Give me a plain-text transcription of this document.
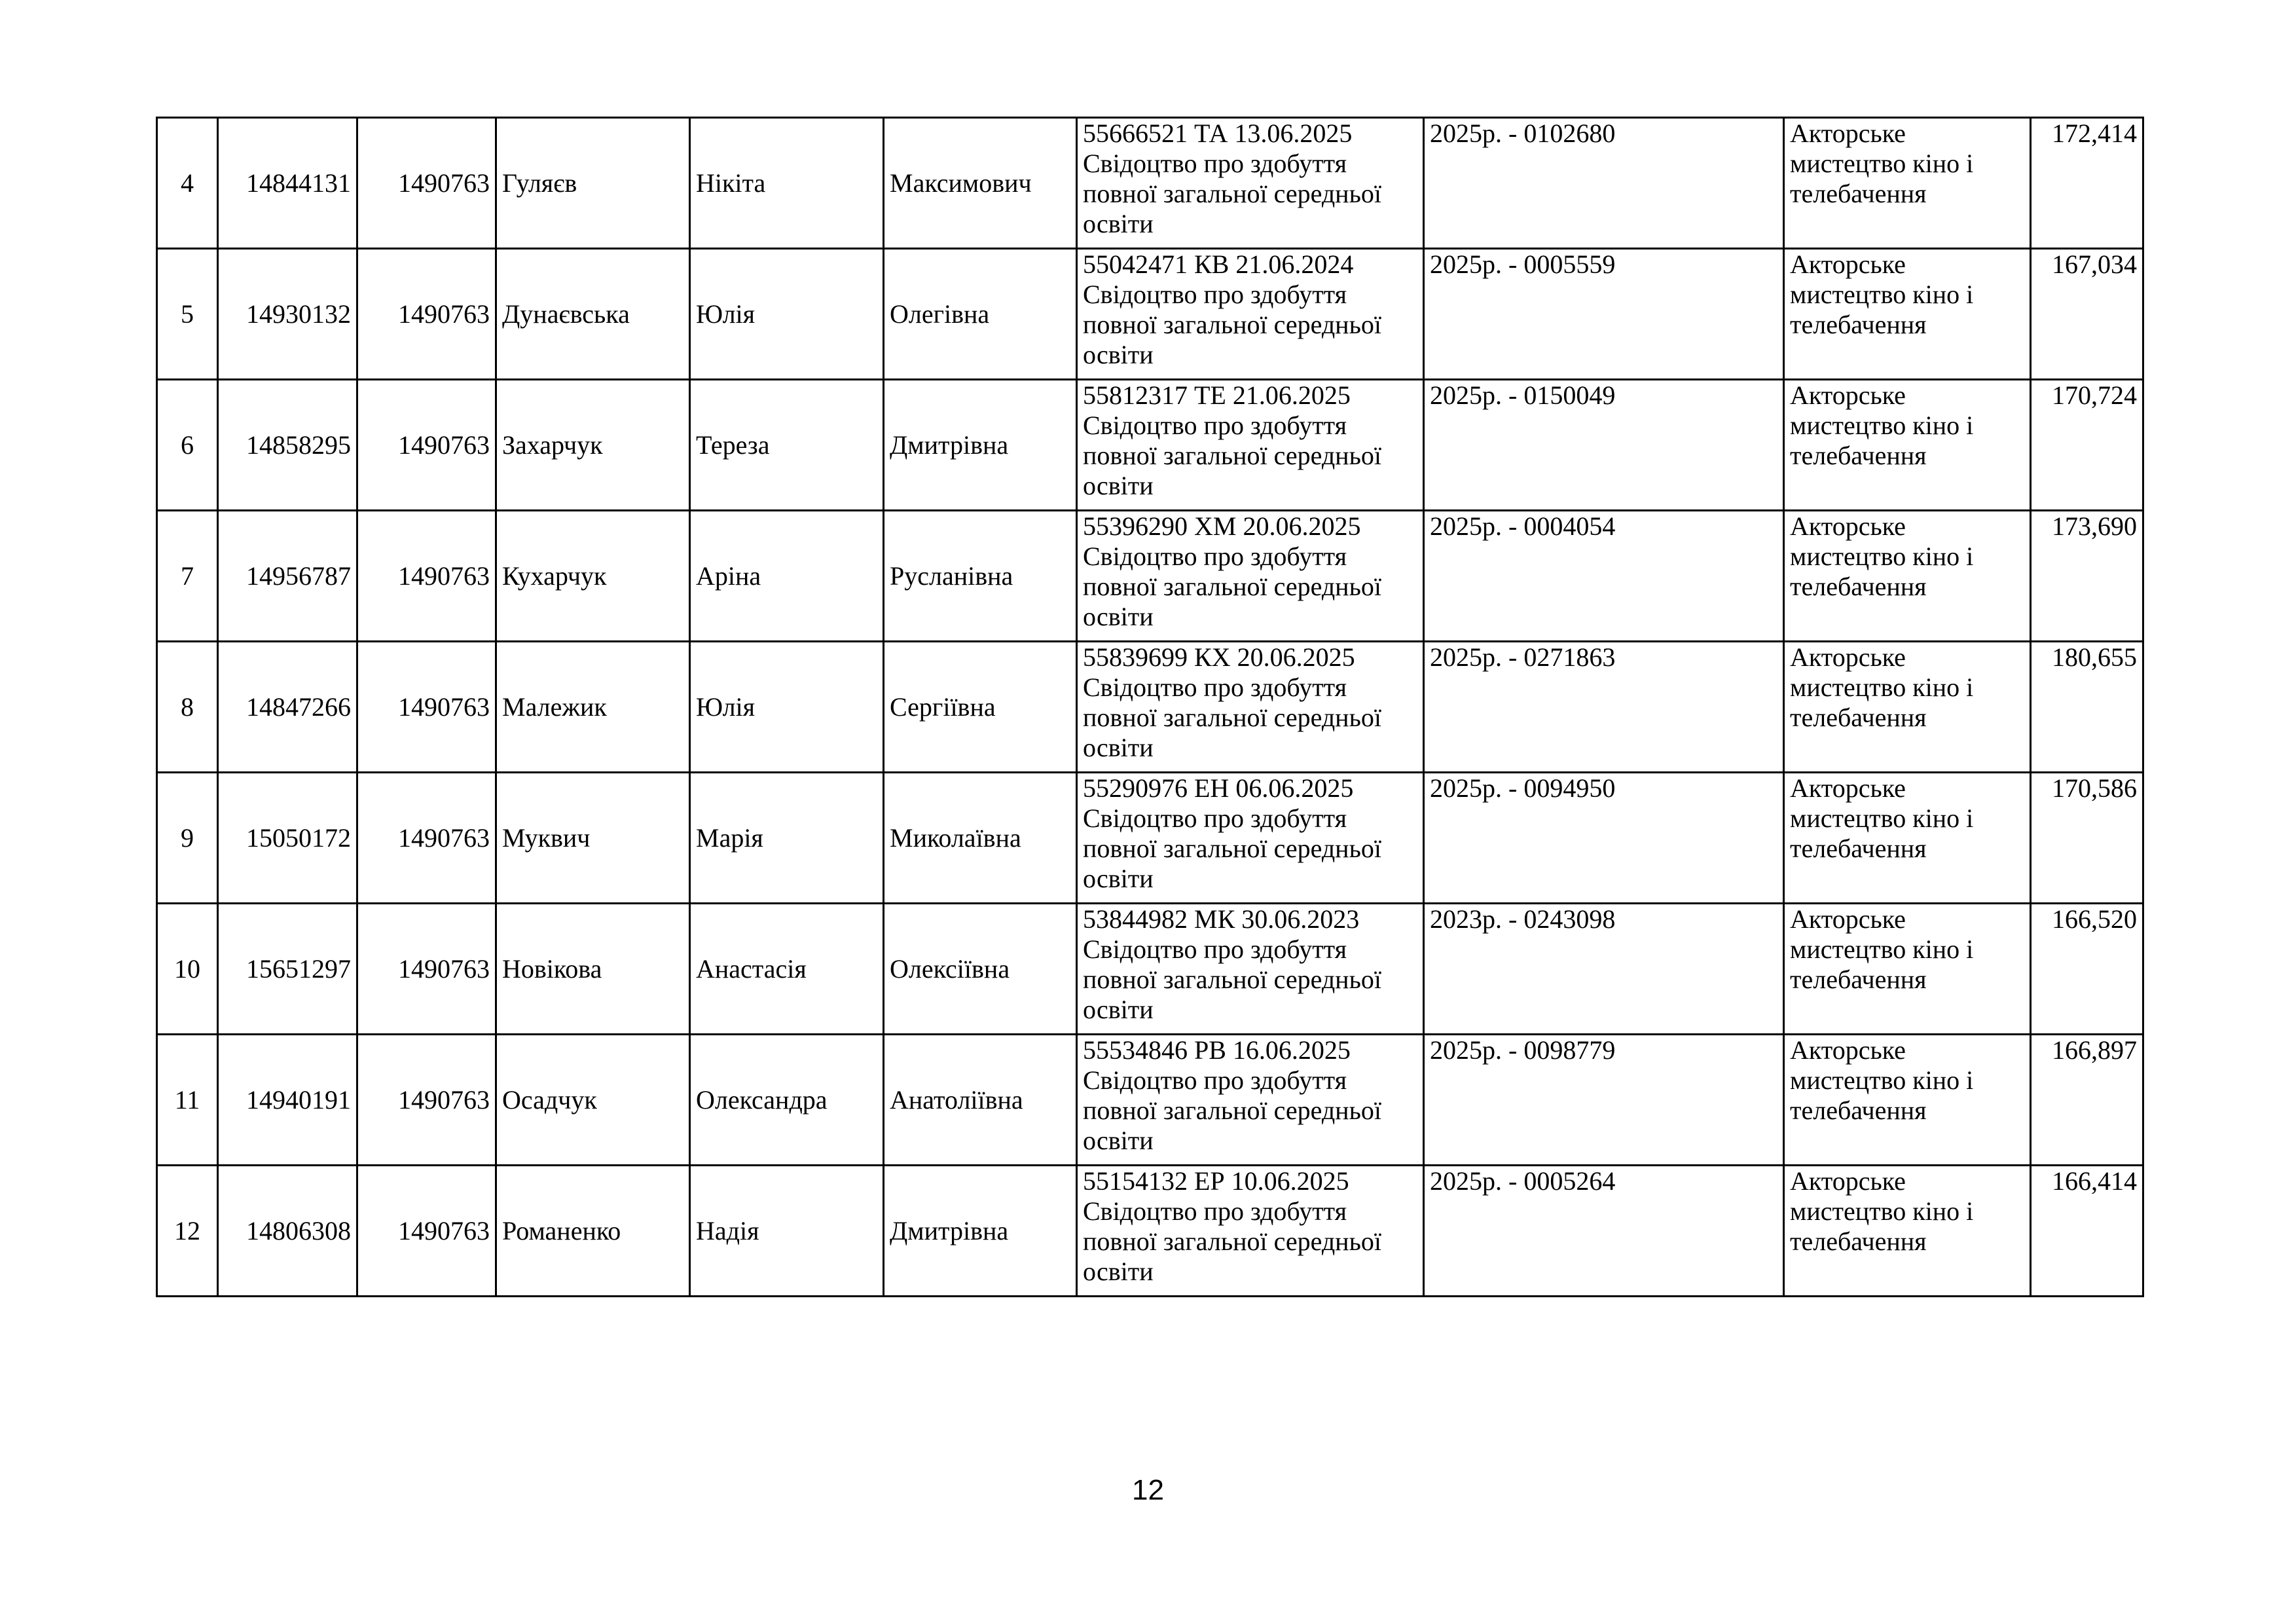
4	14844131	1490763	Гуляєв	Нікіта	Максимович	55666521 ТА 13.06.2025 Свідоцтво про здобуття повної загальної середньої освіти	2025р. - 0102680	Акторське мистецтво кіно і телебачення	172,414
5	14930132	1490763	Дунаєвська	Юлія	Олегівна	55042471 КВ 21.06.2024 Свідоцтво про здобуття повної загальної середньої освіти	2025р. - 0005559	Акторське мистецтво кіно і телебачення	167,034
6	14858295	1490763	Захарчук	Тереза	Дмитрівна	55812317 ТЕ 21.06.2025 Свідоцтво про здобуття повної загальної середньої освіти	2025р. - 0150049	Акторське мистецтво кіно і телебачення	170,724
7	14956787	1490763	Кухарчук	Аріна	Русланівна	55396290 ХМ 20.06.2025 Свідоцтво про здобуття повної загальної середньої освіти	2025р. - 0004054	Акторське мистецтво кіно і телебачення	173,690
8	14847266	1490763	Малежик	Юлія	Сергіївна	55839699 КХ 20.06.2025 Свідоцтво про здобуття повної загальної середньої освіти	2025р. - 0271863	Акторське мистецтво кіно і телебачення	180,655
9	15050172	1490763	Муквич	Марія	Миколаївна	55290976 ЕН 06.06.2025 Свідоцтво про здобуття повної загальної середньої освіти	2025р. - 0094950	Акторське мистецтво кіно і телебачення	170,586
10	15651297	1490763	Новікова	Анастасія	Олексіївна	53844982 МК 30.06.2023 Свідоцтво про здобуття повної загальної середньої освіти	2023р. - 0243098	Акторське мистецтво кіно і телебачення	166,520
11	14940191	1490763	Осадчук	Олександра	Анатоліївна	55534846 РВ 16.06.2025 Свідоцтво про здобуття повної загальної середньої освіти	2025р. - 0098779	Акторське мистецтво кіно і телебачення	166,897
12	14806308	1490763	Романенко	Надія	Дмитрівна	55154132 ЕР 10.06.2025 Свідоцтво про здобуття повної загальної середньої освіти	2025р. - 0005264	Акторське мистецтво кіно і телебачення	166,414
12
